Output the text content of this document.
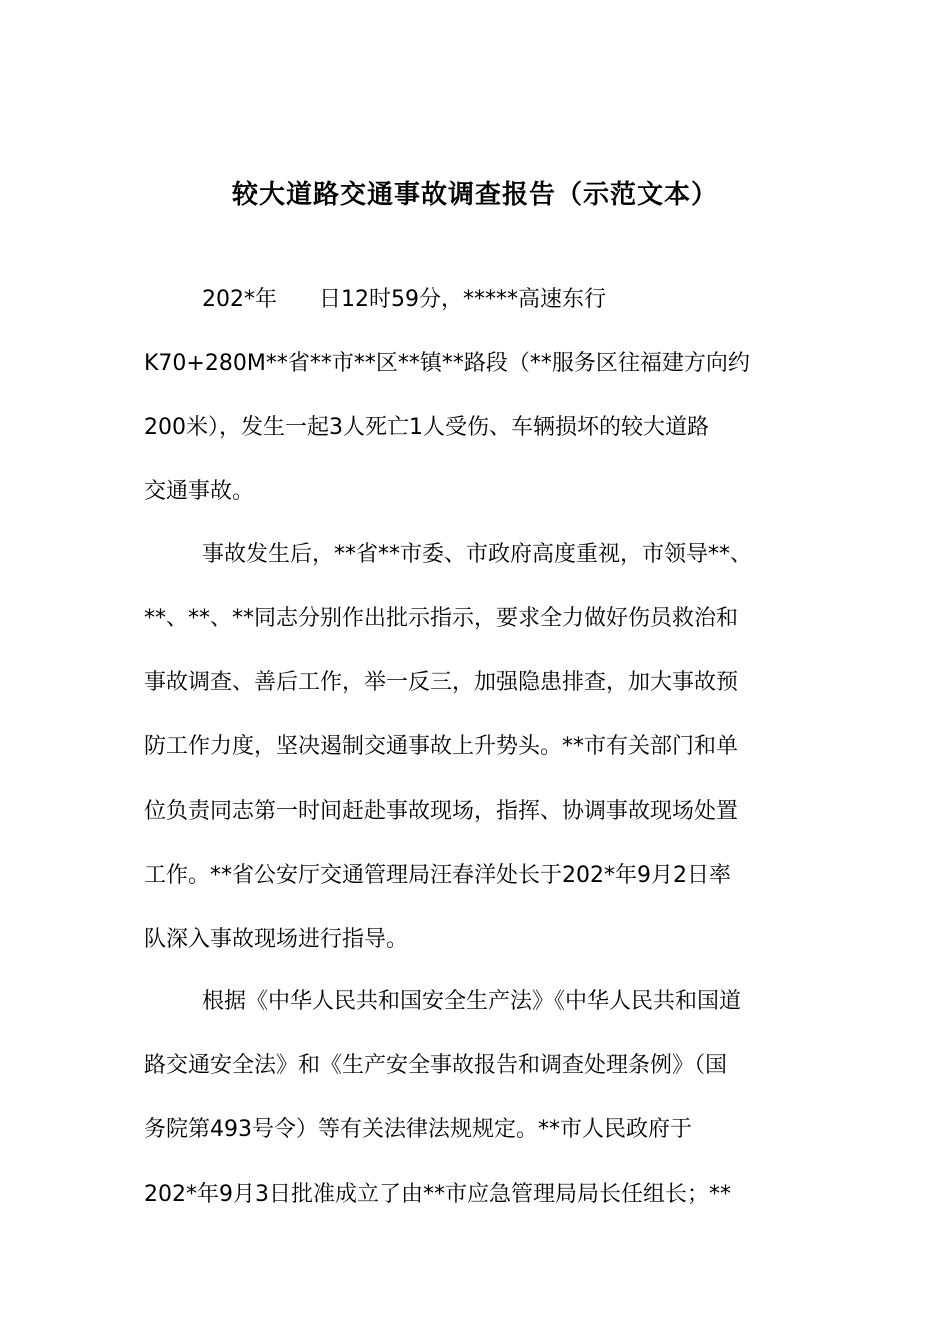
较大道路交通事故调查报告（示范文本）
202*年      日12时59分，*****高速东行
K70+280M**省**市**区**镇**路段（**服务区往福建方向约
200米），发生一起3人死亡1人受伤、车辆损坏的较大道路
交通事故。
事故发生后，**省**市委、市政府高度重视，市领导**、
**、**、**同志分别作出批示指示，要求全力做好伤员救治和
事故调查、善后工作，举一反三，加强隐患排查，加大事故预
防工作力度，坚决遏制交通事故上升势头。**市有关部门和单
位负责同志第一时间赶赴事故现场，指挥、协调事故现场处置
工作。**省公安厅交通管理局汪春洋处长于202*年9月2日率
队深入事故现场进行指导。
根据《中华人民共和国安全生产法》《中华人民共和国道
路交通安全法》和《生产安全事故报告和调查处理条例》（国
务院第493号令）等有关法律法规规定。**市人民政府于
202*年9月3日批准成立了由**市应急管理局局长任组长；**
